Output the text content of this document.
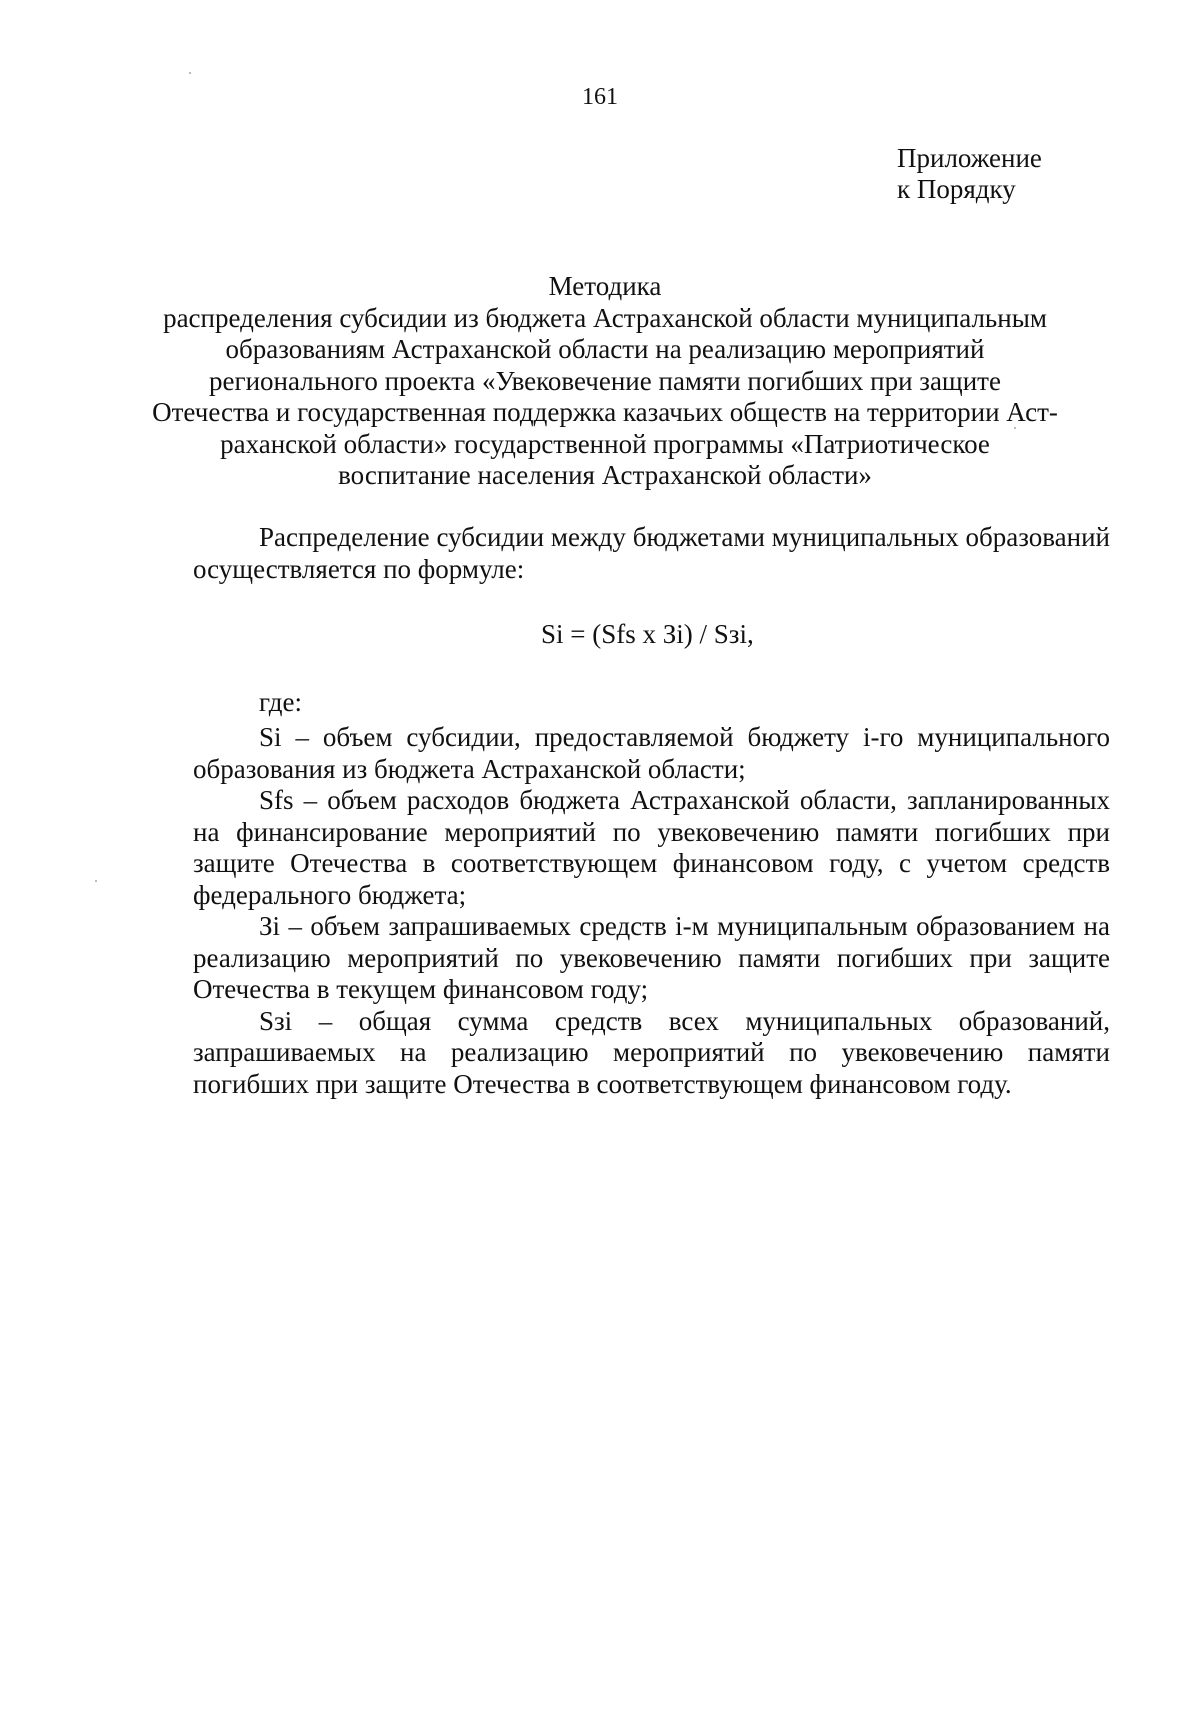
161
Приложение
к Порядку
Методика
распределения субсидии из бюджета Астраханской области муниципальным
образованиям Астраханской области на реализацию мероприятий
регионального проекта «Увековечение памяти погибших при защите
Отечества и государственная поддержка казачьих обществ на территории Аст-
раханской области» государственной программы «Патриотическое
воспитание населения Астраханской области»

Распределение субсидии между бюджетами муниципальных образований осуществляется по формуле:

Si = (Sfs х Зi) / Sзi,

где:

Si – объем субсидии, предоставляемой бюджету i-го муниципального образования из бюджета Астраханской области;

Sfs – объем расходов бюджета Астраханской области, запланированных на финансирование мероприятий по увековечению памяти погибших при защите Отечества в соответствующем финансовом году, с учетом средств федерального бюджета;

Зi – объем запрашиваемых средств i-м муниципальным образованием на реализацию мероприятий по увековечению памяти погибших при защите Отечества в текущем финансовом году;

Sзi – общая сумма средств всех муниципальных образований, запрашиваемых на реализацию мероприятий по увековечению памяти погибших при защите Отечества в соответствующем финансовом году.
